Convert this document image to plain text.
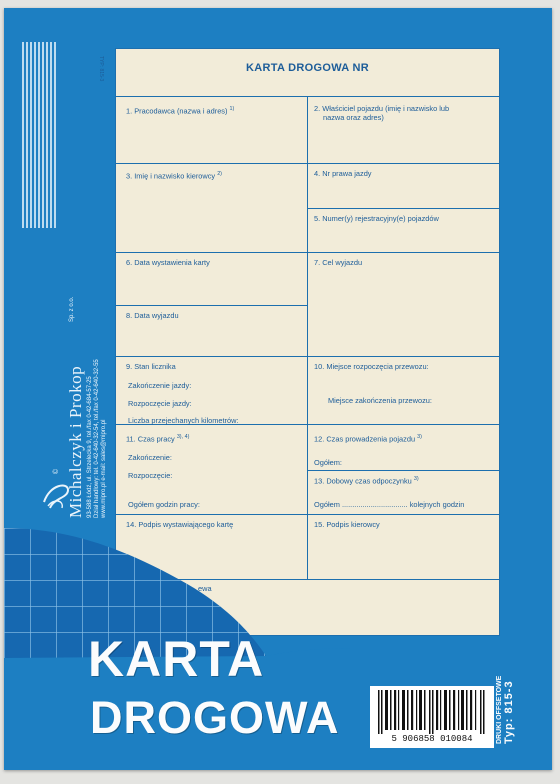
Michalczyk i Prokop 93-588 Łódź, ul. Strzelecka 9, tel./fax 0-42-684-57-25 Dział handlowy: tel. 0-42-640-32-54, tel./fax 0-42-640-32-55 www.mipro.pl e-mail: sales@mipro.pl
Sp. z o.o.
©
KARTA DROGOWA NR
1. Pracodawca (nazwa i adres) $^{1)}$	2. Właściciel pojazdu (imię i nazwisko lub
nazwa oraz adres)
3. Imię i nazwisko kierowcy $^{2)}$	4. Nr prawa jazdy
5. Numer(y) rejestracyjny(e) pojazdów
6. Data wystawienia karty	7. Cel wyjazdu
8. Data wyjazdu
9. Stan licznika
Zakończenie jazdy:
Rozpoczęcie jazdy:
Liczba przejechanych kilometrów:
10. Miejsce rozpoczęcia przewozu:
Miejsce zakończenia przewozu:
11. Czas pracy $^{3), 4)}$
Zakończenie:
Rozpoczęcie:
Ogółem godzin pracy:
12. Czas prowadzenia pojazdu $^{3)}$
Ogółem:
13. Dobowy czas odpoczynku $^{3)}$
Ogółem ................................ kolejnych godzin
14. Podpis wystawiającego kartę	15. Podpis kierowcy
ewa
TYP: 815-3
KARTA
DROGOWA	5 906858 010084	DRUKI OFFSETOWE Typ: 815-3
